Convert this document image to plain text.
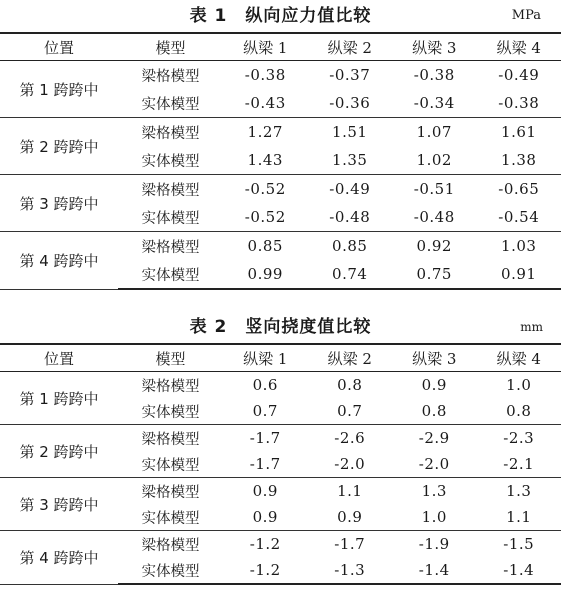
表 1　纵向应力值比较	MPa
位置	模型	纵梁 1	纵梁 2	纵梁 3	纵梁 4
第 1 跨跨中	梁格模型	-0.38	-0.37	-0.38	-0.49
	实体模型	-0.43	-0.36	-0.34	-0.38
第 2 跨跨中	梁格模型	1.27	1.51	1.07	1.61
	实体模型	1.43	1.35	1.02	1.38
第 3 跨跨中	梁格模型	-0.52	-0.49	-0.51	-0.65
	实体模型	-0.52	-0.48	-0.48	-0.54
第 4 跨跨中	梁格模型	0.85	0.85	0.92	1.03
	实体模型	0.99	0.74	0.75	0.91
表 2　竖向挠度值比较	mm
位置	模型	纵梁 1	纵梁 2	纵梁 3	纵梁 4
第 1 跨跨中	梁格模型	0.6	0.8	0.9	1.0
	实体模型	0.7	0.7	0.8	0.8
第 2 跨跨中	梁格模型	-1.7	-2.6	-2.9	-2.3
	实体模型	-1.7	-2.0	-2.0	-2.1
第 3 跨跨中	梁格模型	0.9	1.1	1.3	1.3
	实体模型	0.9	0.9	1.0	1.1
第 4 跨跨中	梁格模型	-1.2	-1.7	-1.9	-1.5
	实体模型	-1.2	-1.3	-1.4	-1.4
